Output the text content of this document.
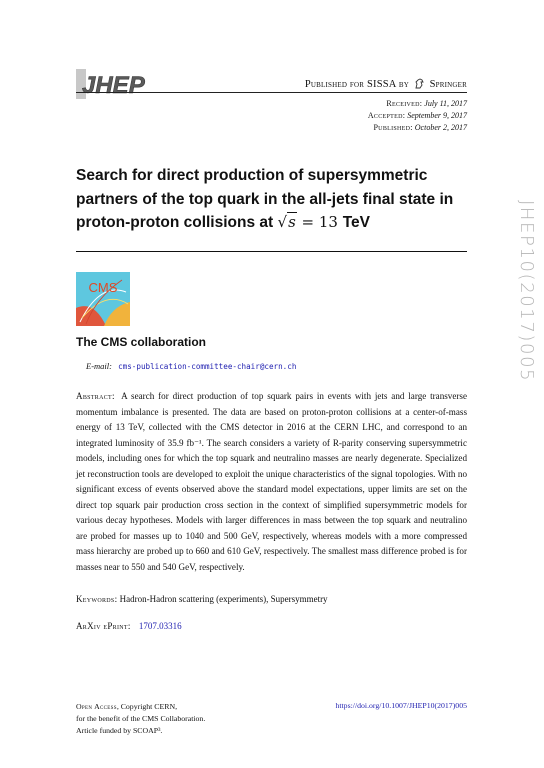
JHEP	Published for SISSA by Springer
Received: July 11, 2017
Accepted: September 9, 2017
Published: October 2, 2017
Search for direct production of supersymmetric
partners of the top quark in the all-jets final state in
proton-proton collisions at √s = 13 TeV
CMS
The CMS collaboration
E-mail: cms-publication-committee-chair@cern.ch
Abstract: A search for direct production of top squark pairs in events with jets and large transverse momentum imbalance is presented. The data are based on proton-proton collisions at a center-of-mass energy of 13 TeV, collected with the CMS detector in 2016 at the CERN LHC, and correspond to an integrated luminosity of 35.9 fb⁻¹. The search considers a variety of R-parity conserving supersymmetric models, including ones for which the top squark and neutralino masses are nearly degenerate. Specialized jet reconstruction tools are developed to exploit the unique characteristics of the signal topologies. With no significant excess of events observed above the standard model expectations, upper limits are set on the direct top squark pair production cross section in the context of simplified supersymmetric models for various decay hypotheses. Models with larger differences in mass between the top squark and neutralino are probed for masses up to 1040 and 500 GeV, respectively, whereas models with a more compressed mass hierarchy are probed up to 660 and 610 GeV, respectively. The smallest mass difference probed is for masses near to 550 and 540 GeV, respectively.
Keywords: Hadron-Hadron scattering (experiments), Supersymmetry
ArXiv ePrint: 1707.03316
Open Access, Copyright CERN,
for the benefit of the CMS Collaboration.
Article funded by SCOAP³.
https://doi.org/10.1007/JHEP10(2017)005
JHEP10(2017)005
